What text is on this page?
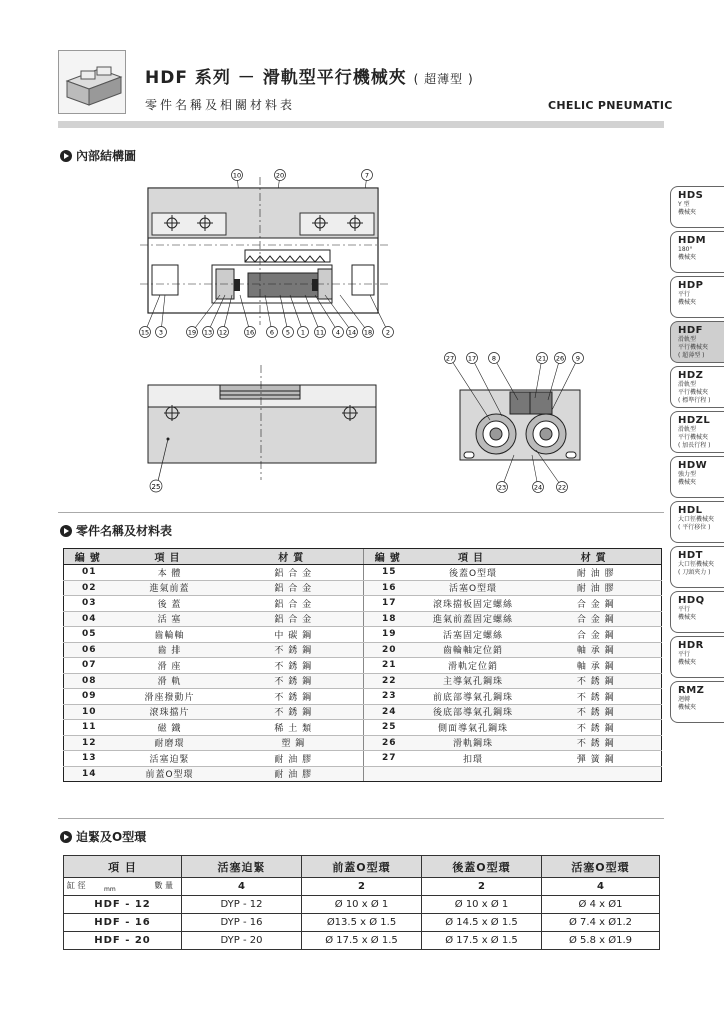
HDF 系列 － 滑軌型平行機械夾 ( 超薄型 )
零件名稱及相關材料表	CHELIC PNEUMATIC
內部結構圖
10	20	7
15 3	19 13 12	16 6 5 1 11 4 14 18 2
25
27 17 8	21 26 9
23	24 22
零件名稱及材料表
編號	項目	材質	編號	項目	材質
01	本 體	鋁 合 金	15	後蓋O型環	耐 油 膠
02	進氣前蓋	鋁 合 金	16	活塞O型環	耐 油 膠
03	後 蓋	鋁 合 金	17	滾珠擋板固定螺絲	合 金 鋼
04	活 塞	鋁 合 金	18	進氣前蓋固定螺絲	合 金 鋼
05	齒輪軸	中 碳 鋼	19	活塞固定螺絲	合 金 鋼
06	齒 排	不 銹 鋼	20	齒輪軸定位銷	軸 承 鋼
07	滑 座	不 銹 鋼	21	滑軌定位銷	軸 承 鋼
08	滑 軌	不 銹 鋼	22	主導氣孔鋼珠	不 銹 鋼
09	滑座撥動片	不 銹 鋼	23	前底部導氣孔鋼珠	不 銹 鋼
10	滾珠擋片	不 銹 鋼	24	後底部導氣孔鋼珠	不 銹 鋼
11	磁 鐵	稀 土 類	25	側面導氣孔鋼珠	不 銹 鋼
12	耐磨環	塑 鋼	26	滑軌鋼珠	不 銹 鋼
13	活塞迫緊	耐 油 膠	27	扣環	彈 簧 鋼
14	前蓋O型環	耐 油 膠			
迫緊及O型環
項 目	活塞迫緊	前蓋O型環	後蓋O型環	活塞O型環

缸 徑 mm 數 量	4	2	2	4
HDF - 12	DYP - 12	Ø 10 x Ø 1	Ø 10 x Ø 1	Ø 4 x Ø1
HDF - 16	DYP - 16	Ø13.5 x Ø 1.5	Ø 14.5 x Ø 1.5	Ø 7.4 x Ø1.2
HDF - 20	DYP - 20	Ø 17.5 x Ø 1.5	Ø 17.5 x Ø 1.5	Ø 5.8 x Ø1.9
HDS
Y 型
機械夾
HDM
180°
機械夾
HDP
平行
機械夾
HDF
滑軌型
平行機械夾
( 超薄型 )
HDZ
滑軌型
平行機械夾
( 標準行程 )
HDZL
滑軌型
平行機械夾
( 加長行程 )
HDW
強力型
機械夾
HDL
大口徑機械夾
( 平行移位 )
HDT
大口徑機械夾
( 刀頭夾力 )
HDQ
平行
機械夾
HDR
平行
機械夾
RMZ
迴轉
機械夾
